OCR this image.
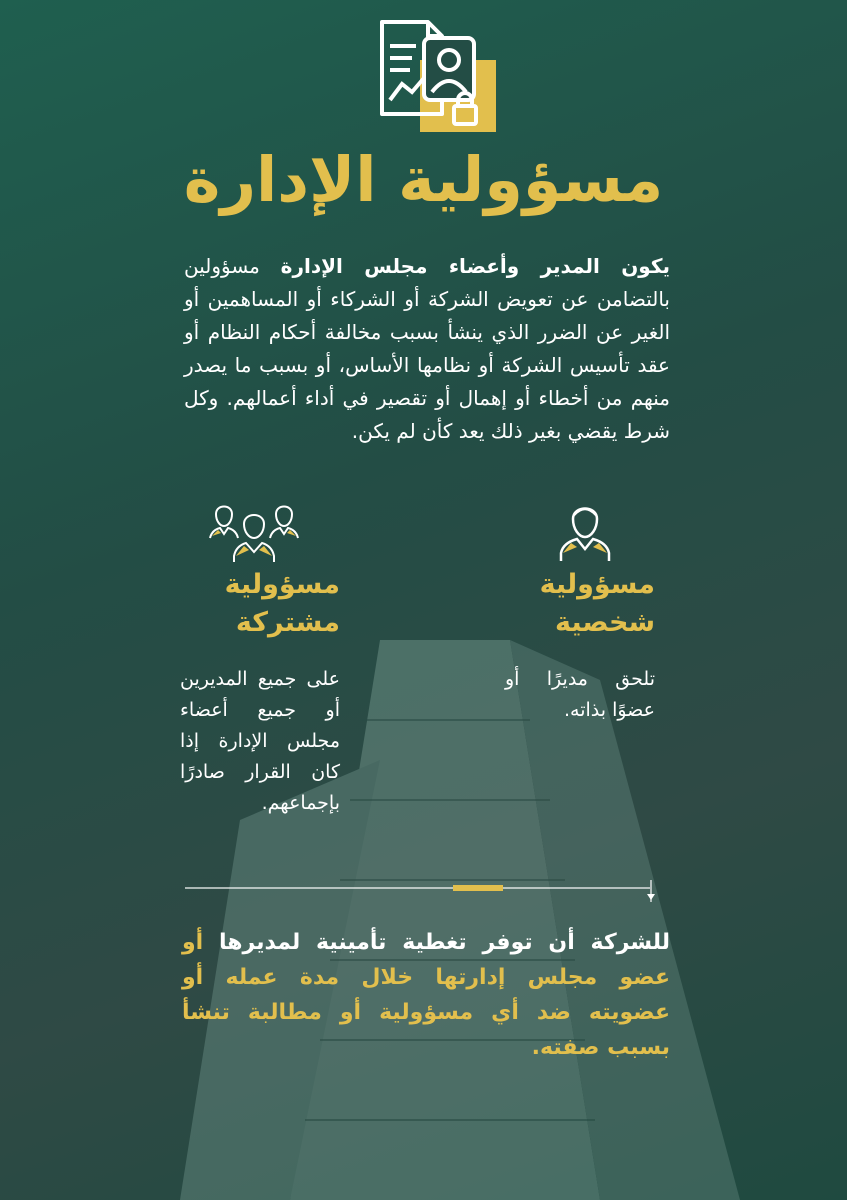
مسؤولية الإدارة
يكون المدير وأعضاء مجلس الإدارة مسؤولين بالتضامن عن تعويض الشركة أو الشركاء أو المساهمين أو الغير عن الضرر الذي ينشأ بسبب مخالفة أحكام النظام أو عقد تأسيس الشركة أو نظامها الأساس، أو بسبب ما يصدر منهم من أخطاء أو إهمال أو تقصير في أداء أعمالهم. وكل شرط يقضي بغير ذلك يعد كأن لم يكن.
مسؤولية شخصية
تلحق مديرًا أو عضوًا بذاته.
مسؤولية مشتركة
على جميع المديرين أو جميع أعضاء مجلس الإدارة إذا كان القرار صادرًا بإجماعهم.
للشركة أن توفر تغطية تأمينية لمديرها أو عضو مجلس إدارتها خلال مدة عمله أو عضويته ضد أي مسؤولية أو مطالبة تنشأ بسبب صفته.
